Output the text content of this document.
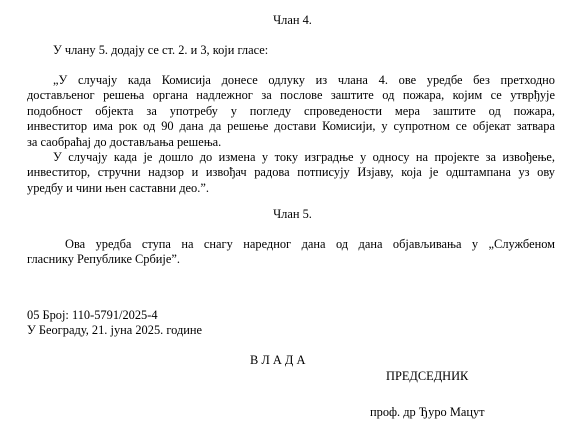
Члан 4.
У члану 5. додају се ст. 2. и 3, који гласе:
„У случају када Комисија донесе одлуку из члана 4. ове уредбе без претходно
достављеног решења органа надлежног за послове заштите од пожара, којим се утврђује
подобност објекта за употребу у погледу спроведености мера заштите од пожара,
инвеститор има рок од 90 дана да решење достави Комисији, у супротном се објекат затвара
за саобраћај до достављања решења.
У случају када је дошло до измена у току изградње у односу на пројекте за извођење,
инвеститор, стручни надзор и извођач радова потписују Изјаву, која је одштампана уз ову
уредбу и чини њен саставни део.”.
Члан 5.
Ова уредба ступа на снагу наредног дана од дана објављивања у „Службеном
гласнику Републике Србије”.
05 Број: 110-5791/2025-4
У Београду, 21. јуна 2025. године
В Л А Д А
ПРЕДСЕДНИК
проф. др Ђуро Мацут
